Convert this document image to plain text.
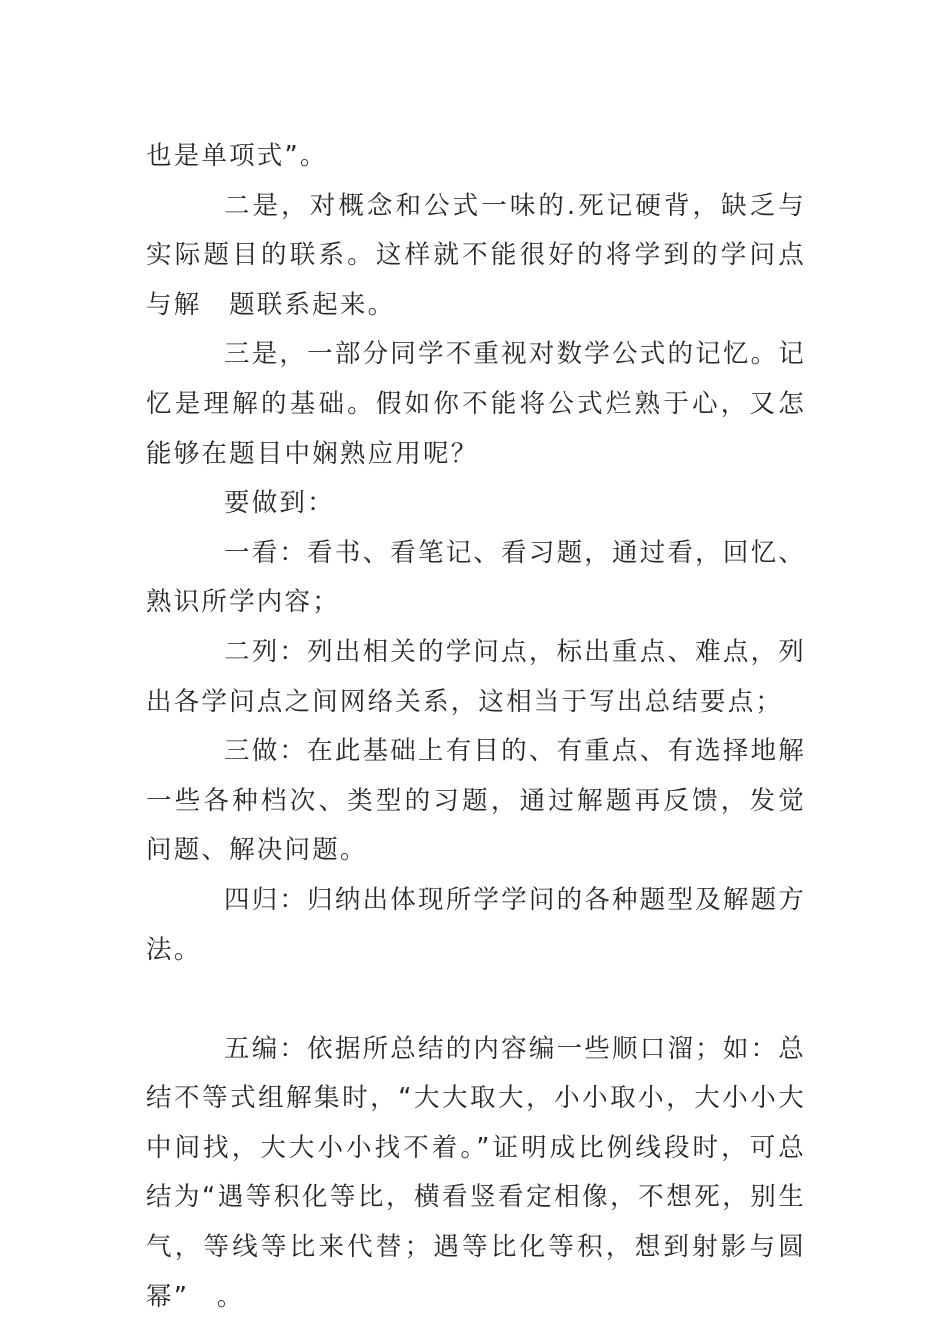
也是单项式”。

二是，对概念和公式一味的.死记硬背，缺乏与实际题目的联系。这样就不能很好的将学到的学问点与解　题联系起来。

三是，一部分同学不重视对数学公式的记忆。记忆是理解的基础。假如你不能将公式烂熟于心，又怎能够在题目中娴熟应用呢？

要做到：

一看：看书、看笔记、看习题，通过看，回忆、熟识所学内容；

二列：列出相关的学问点，标出重点、难点，列出各学问点之间网络关系，这相当于写出总结要点；

三做：在此基础上有目的、有重点、有选择地解一些各种档次、类型的习题，通过解题再反馈，发觉问题、解决问题。

四归：归纳出体现所学学问的各种题型及解题方法。

五编：依据所总结的内容编一些顺口溜；如：总结不等式组解集时，“大大取大，小小取小，大小小大中间找，大大小小找不着。”证明成比例线段时，可总结为“遇等积化等比，横看竖看定相像，不想死，别生气，等线等比来代替；遇等比化等积，想到射影与圆幂”　。
